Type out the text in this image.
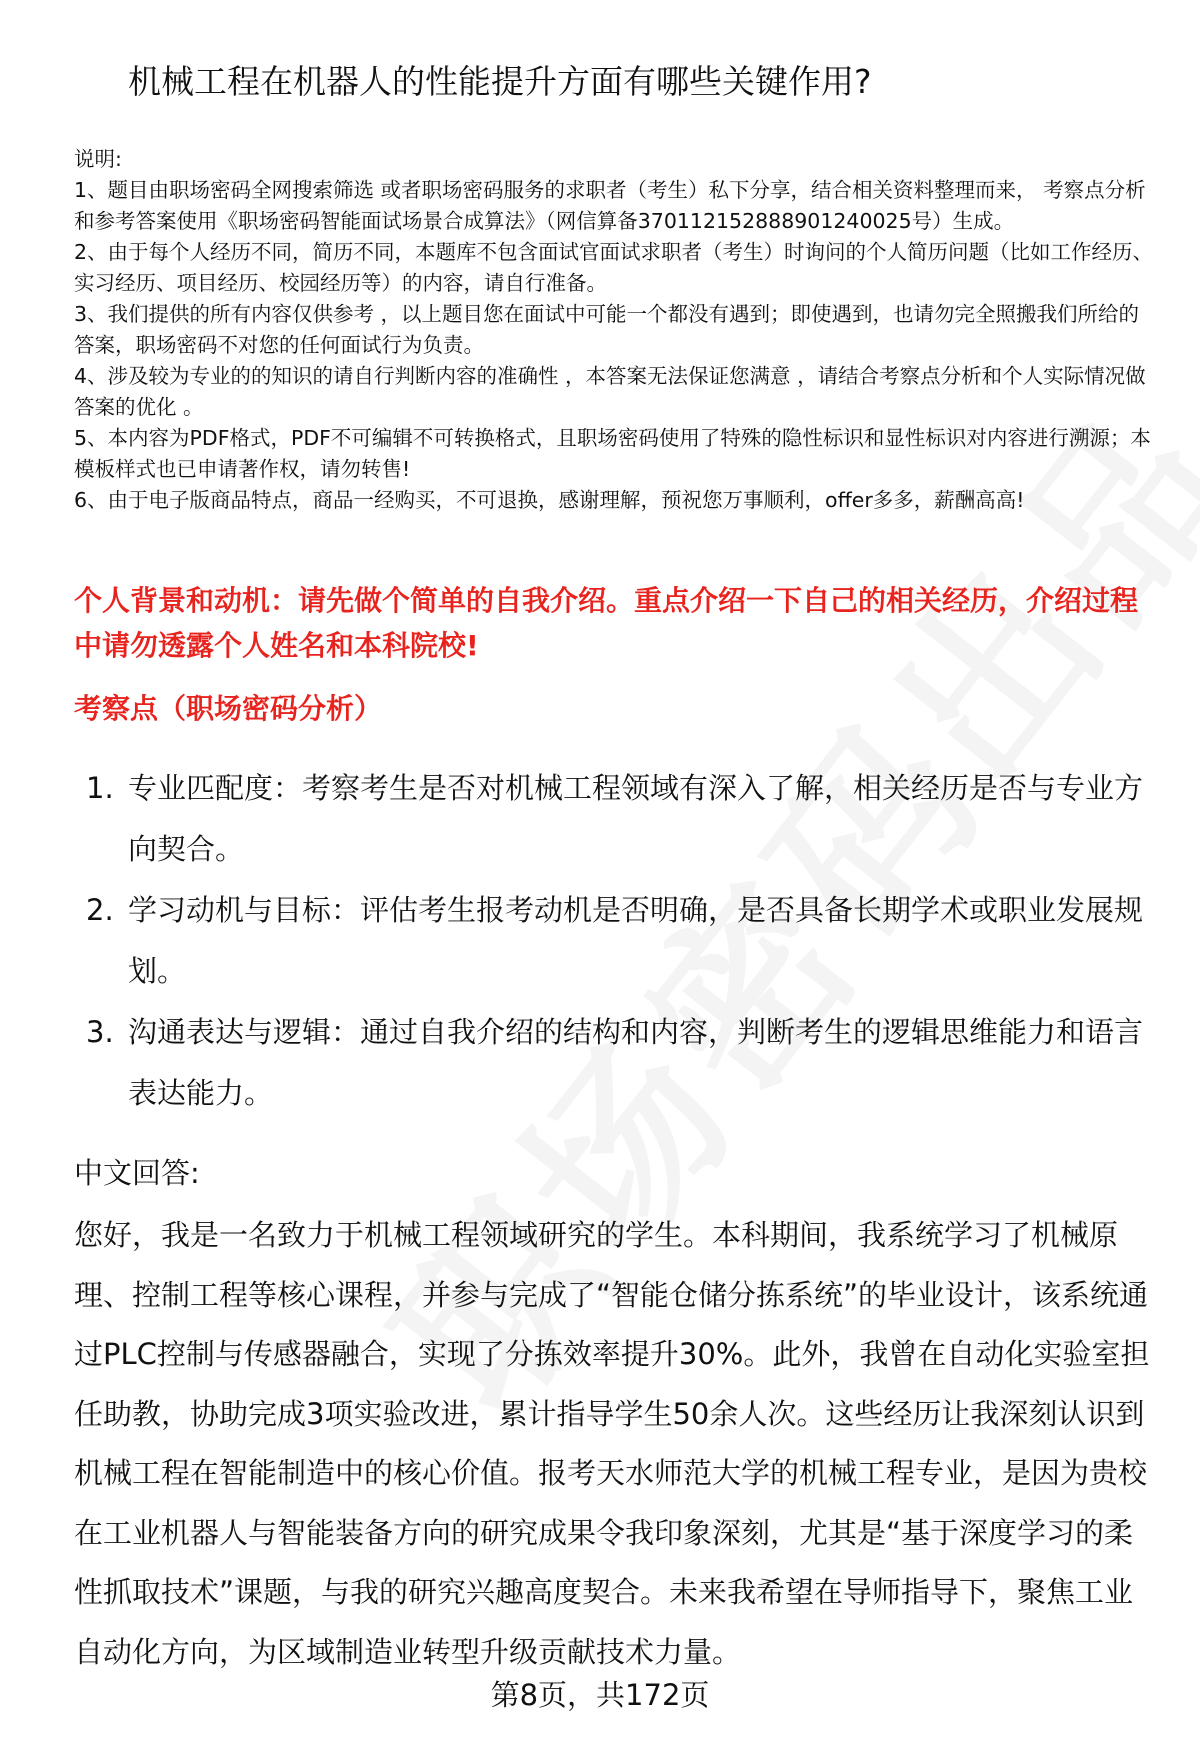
机械工程在机器人的性能提升方面有哪些关键作用?

说明:

1、题目由职场密码全网搜索筛选 或者职场密码服务的求职者（考生）私下分享，结合相关资料整理而来， 考察点分析和参考答案使用《职场密码智能面试场景合成算法》（网信算备370112152888901240025号）生成。

2、由于每个人经历不同，简历不同，本题库不包含面试官面试求职者（考生）时询问的个人简历问题（比如工作经历、实习经历、项目经历、校园经历等）的内容，请自行准备。

3、我们提供的所有内容仅供参考 ，以上题目您在面试中可能一个都没有遇到；即使遇到，也请勿完全照搬我们所给的答案，职场密码不对您的任何面试行为负责。

4、涉及较为专业的的知识的请自行判断内容的准确性 ，本答案无法保证您满意 ，请结合考察点分析和个人实际情况做答案的优化 。

5、本内容为PDF格式，PDF不可编辑不可转换格式，且职场密码使用了特殊的隐性标识和显性标识对内容进行溯源；本模板样式也已申请著作权，请勿转售!

6、由于电子版商品特点，商品一经购买，不可退换，感谢理解，预祝您万事顺利，offer多多，薪酬高高!

个人背景和动机：请先做个简单的自我介绍。重点介绍一下自己的相关经历，介绍过程中请勿透露个人姓名和本科院校!
考察点（职场密码分析）
1. 专业匹配度：考察考生是否对机械工程领域有深入了解，相关经历是否与专业方向契合。
2. 学习动机与目标：评估考生报考动机是否明确，是否具备长期学术或职业发展规划。
3. 沟通表达与逻辑：通过自我介绍的结构和内容，判断考生的逻辑思维能力和语言表达能力。
中文回答:

您好，我是一名致力于机械工程领域研究的学生。本科期间，我系统学习了机械原理、控制工程等核心课程，并参与完成了“智能仓储分拣系统”的毕业设计，该系统通过PLC控制与传感器融合，实现了分拣效率提升30%。此外，我曾在自动化实验室担任助教，协助完成3项实验改进，累计指导学生50余人次。这些经历让我深刻认识到机械工程在智能制造中的核心价值。报考天水师范大学的机械工程专业，是因为贵校在工业机器人与智能装备方向的研究成果令我印象深刻，尤其是“基于深度学习的柔性抓取技术”课题，与我的研究兴趣高度契合。未来我希望在导师指导下，聚焦工业自动化方向，为区域制造业转型升级贡献技术力量。

第8页，共172页
